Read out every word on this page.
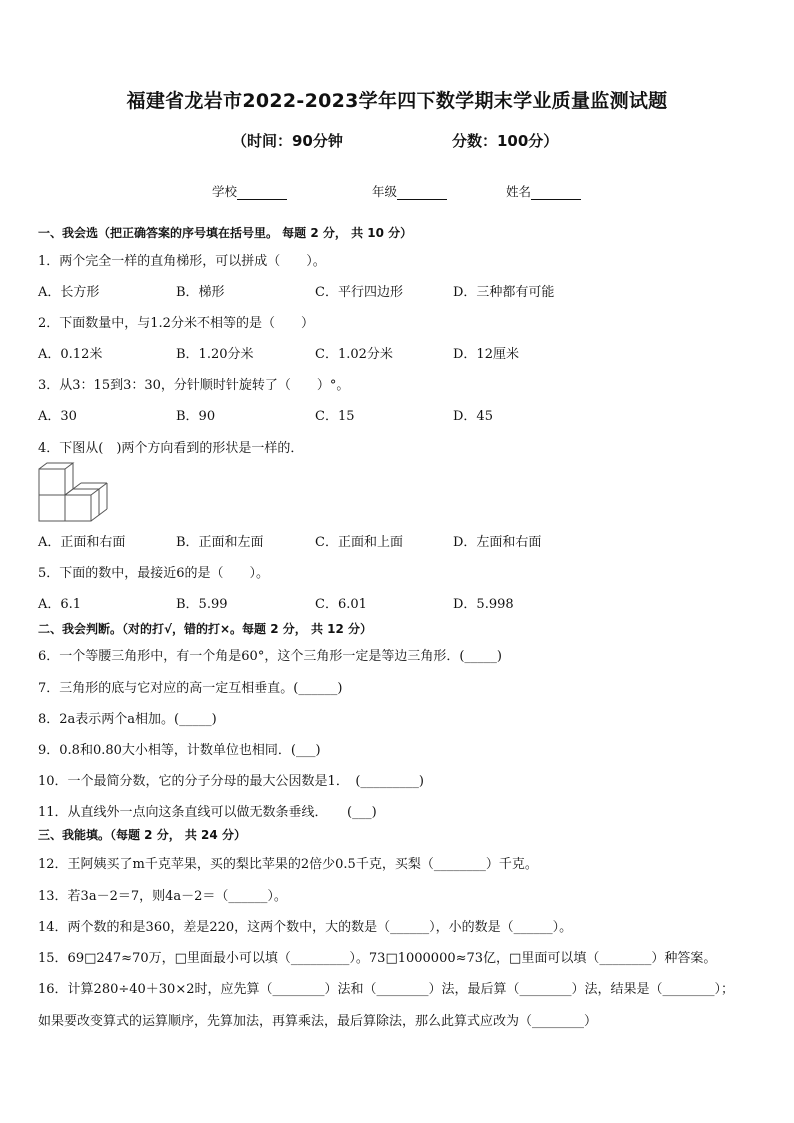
福建省龙岩市2022-2023学年四下数学期末学业质量监测试题
（时间：90分钟	分数：100分）
学校	年级	姓名
一、我会选（把正确答案的序号填在括号里。 每题 2 分， 共 10 分）
1．两个完全一样的直角梯形，可以拼成（　　）。
A．长方形	B．梯形	C．平行四边形	D．三种都有可能
2．下面数量中，与1.2分米不相等的是（　　）
A．0.12米	B．1.20分米	C．1.02分米	D．12厘米
3．从3：15到3：30，分针顺时针旋转了（　　）°。
A．30	B．90	C．15	D．45
4．下图从(　)两个方向看到的形状是一样的．
A．正面和右面	B．正面和左面	C．正面和上面	D．左面和右面
5．下面的数中，最接近6的是（　　）。
A．6.1	B．5.99	C．6.01	D．5.998
二、我会判断。（对的打√，错的打×。每题 2 分， 共 12 分）
6．一个等腰三角形中，有一个角是60°，这个三角形一定是等边三角形．(_____)
7．三角形的底与它对应的高一定互相垂直。(______)
8．2a表示两个a相加。(_____)
9．0.8和0.80大小相等，计数单位也相同．(___)
10．一个最简分数，它的分子分母的最大公因数是1．　(_________)
11．从直线外一点向这条直线可以做无数条垂线．　　(___)
三、我能填。（每题 2 分， 共 24 分）
12．王阿姨买了m千克苹果，买的梨比苹果的2倍少0.5千克，买梨（________）千克。
13．若3a－2＝7，则4a－2＝（______）。
14．两个数的和是360，差是220，这两个数中，大的数是（______），小的数是（______）。
15．69□247≈70万，□里面最小可以填（_________）。73□1000000≈73亿，□里面可以填（________）种答案。
16．计算280÷40＋30×2时，应先算（________）法和（________）法，最后算（________）法，结果是（________）；
如果要改变算式的运算顺序，先算加法，再算乘法，最后算除法，那么此算式应改为（________）
